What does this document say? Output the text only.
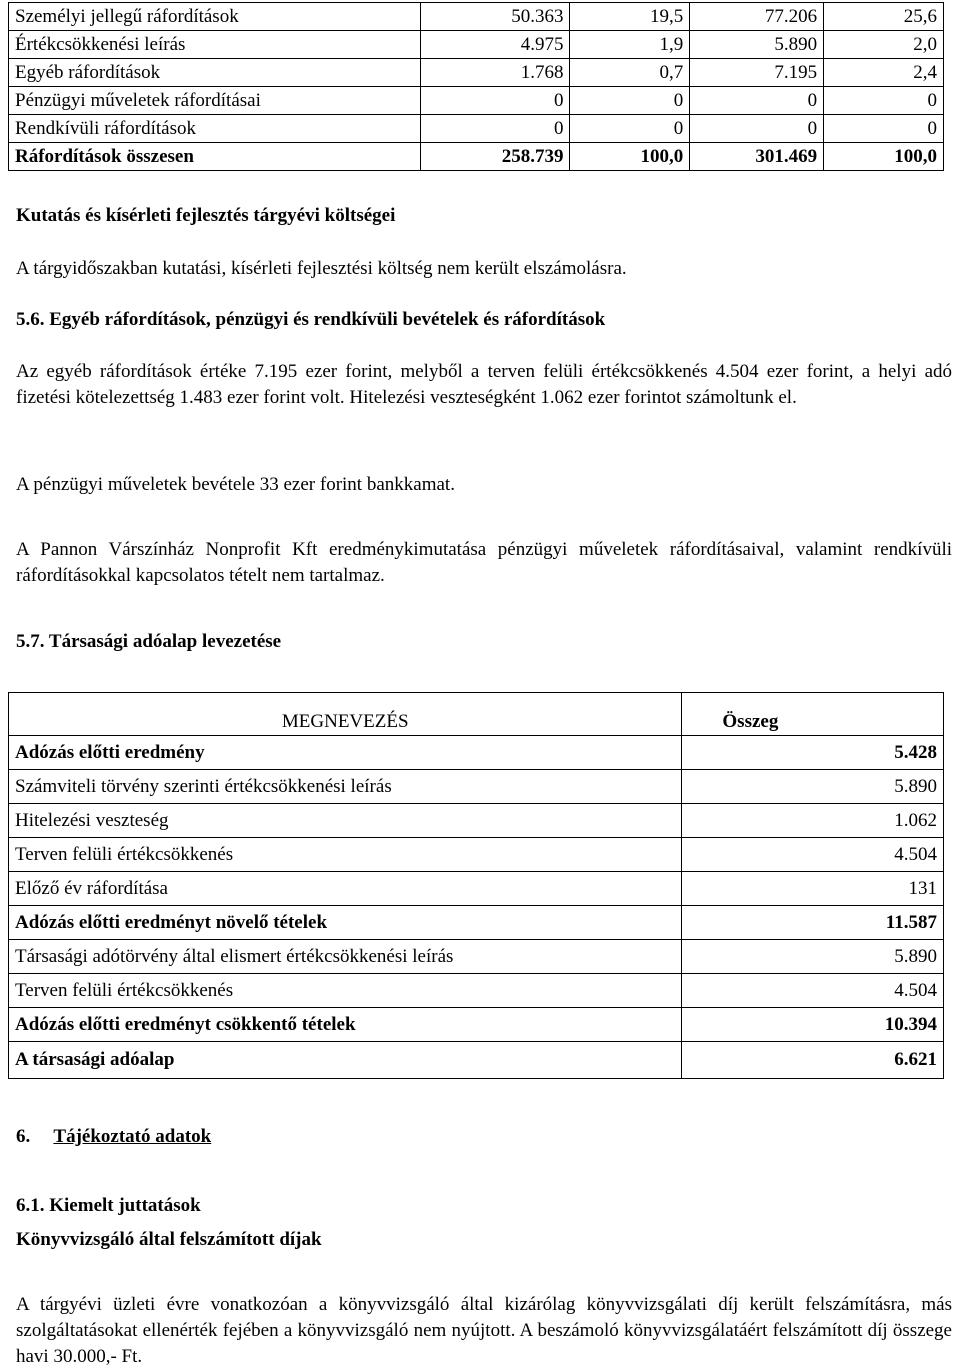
Személyi jellegű ráfordítások	50.363	19,5	77.206	25,6
Értékcsökkenési leírás	4.975	1,9	5.890	2,0
Egyéb ráfordítások	1.768	0,7	7.195	2,4
Pénzügyi műveletek ráfordításai	0	0	0	0
Rendkívüli ráfordítások	0	0	0	0
Ráfordítások összesen	258.739	100,0	301.469	100,0
Kutatás és kísérleti fejlesztés tárgyévi költségei
A tárgyidőszakban kutatási, kísérleti fejlesztési költség nem került elszámolásra.
5.6. Egyéb ráfordítások, pénzügyi és rendkívüli bevételek és ráfordítások
Az egyéb ráfordítások értéke 7.195 ezer forint, melyből a terven felüli értékcsökkenés 4.504 ezer forint, a helyi adó fizetési kötelezettség 1.483 ezer forint volt. Hitelezési veszteségként 1.062 ezer forintot számoltunk el.
A pénzügyi műveletek bevétele 33 ezer forint bankkamat.
A Pannon Várszínház Nonprofit Kft eredménykimutatása pénzügyi műveletek ráfordításaival, valamint rendkívüli ráfordításokkal kapcsolatos tételt nem tartalmaz.
5.7. Társasági adóalap levezetése
MEGNEVEZÉS	Összeg
Adózás előtti eredmény	5.428
Számviteli törvény szerinti értékcsökkenési leírás	5.890
Hitelezési veszteség	1.062
Terven felüli értékcsökkenés	4.504
Előző év ráfordítása	131
Adózás előtti eredményt növelő tételek	11.587
Társasági adótörvény által elismert értékcsökkenési leírás	5.890
Terven felüli értékcsökkenés	4.504
Adózás előtti eredményt csökkentő tételek	10.394
A társasági adóalap	6.621
6. Tájékoztató adatok
6.1. Kiemelt juttatások
Könyvvizsgáló által felszámított díjak
A tárgyévi üzleti évre vonatkozóan a könyvvizsgáló által kizárólag könyvvizsgálati díj került felszámításra, más szolgáltatásokat ellenérték fejében a könyvvizsgáló nem nyújtott. A beszámoló könyvvizsgálatáért felszámított díj összege havi 30.000,- Ft.
